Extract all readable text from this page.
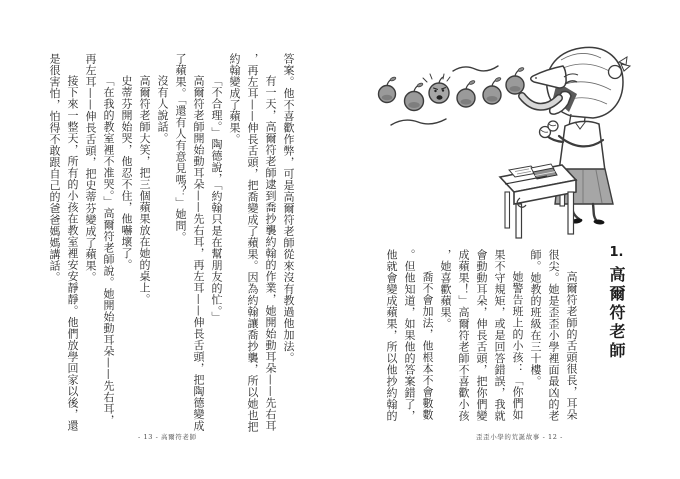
答案。他不喜歡作弊，可是高爾符老師從來沒有教過他加法。

有一天，高爾符老師逮到喬抄襲約翰的作業，她開始動耳朵——先右耳，再左耳——伸長舌頭，把喬變成了蘋果。因為約翰讓喬抄襲，所以她也把約翰變成了蘋果。

「不合理。」陶德說，「約翰只是在幫朋友的忙。」

高爾符老師開始動耳朵——先右耳，再左耳——伸長舌頭，把陶德變成了蘋果。「還有人有意見嗎？」她問。

沒有人說話。

高爾符老師大笑，把三個蘋果放在她的桌上。

史蒂芬開始哭，他忍不住，他嚇壞了。

「在我的教室裡不准哭。」高爾符老師說。她開始動耳朵——先右耳，再左耳——伸長舌頭，把史蒂芬變成了蘋果。

接下來一整天，所有的小孩在教室裡安安靜靜。他們放學回家以後，還是很害怕，怕得不敢跟自己的爸爸媽媽講話。

- 13 - 高爾符老師
1.高爾符老師

高爾符老師的舌頭很長，耳朵很尖。她是歪歪小學裡面最凶的老師。她教的班級在三十樓。

她警告班上的小孩：「你們如果不守規矩，或是回答錯誤，我就會動動耳朵，伸長舌頭，把你們變成蘋果！」高爾符老師不喜歡小孩，她喜歡蘋果。

喬不會加法，他根本不會數數。但他知道，如果他的答案錯了，他就會變成蘋果，所以他抄約翰的

歪歪小學的荒誕故事 - 12 -
